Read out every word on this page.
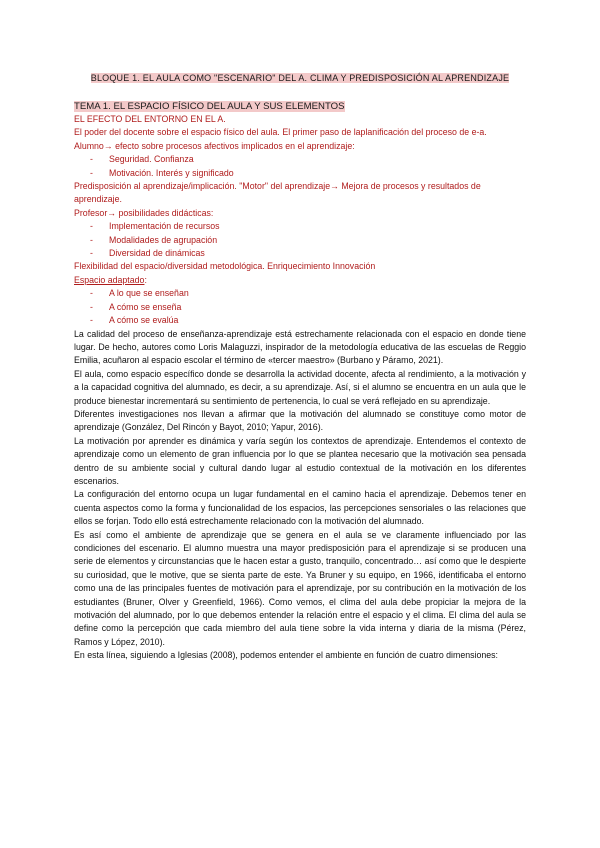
BLOQUE 1. EL AULA COMO "ESCENARIO" DEL A. CLIMA Y PREDISPOSICIÓN AL APRENDIZAJE
TEMA 1. EL ESPACIO FÍSICO DEL AULA Y SUS ELEMENTOS

EL EFECTO DEL ENTORNO EN EL A.

El poder del docente sobre el espacio físico del aula. El primer paso de laplanificación del proceso de e-a.

Alumno→ efecto sobre procesos afectivos implicados en el aprendizaje:

- Seguridad. Confianza
- Motivación. Interés y significado

Predisposición al aprendizaje/implicación. "Motor" del aprendizaje→ Mejora de procesos y resultados de aprendizaje.

Profesor→ posibilidades didácticas:

- Implementación de recursos
- Modalidades de agrupación
- Diversidad de dinámicas

Flexibilidad del espacio/diversidad metodológica. Enriquecimiento Innovación

Espacio adaptado:

- A lo que se enseñan
- A cómo se enseña
- A cómo se evalúa

La calidad del proceso de enseñanza-aprendizaje está estrechamente relacionada con el espacio en donde tiene lugar. De hecho, autores como Loris Malaguzzi, inspirador de la metodología educativa de las escuelas de Reggio Emilia, acuñaron al espacio escolar el término de «tercer maestro» (Burbano y Páramo, 2021).

El aula, como espacio específico donde se desarrolla la actividad docente, afecta al rendimiento, a la motivación y a la capacidad cognitiva del alumnado, es decir, a su aprendizaje. Así, si el alumno se encuentra en un aula que le produce bienestar incrementará su sentimiento de pertenencia, lo cual se verá reflejado en su aprendizaje.

Diferentes investigaciones nos llevan a afirmar que la motivación del alumnado se constituye como motor de aprendizaje (González, Del Rincón y Bayot, 2010; Yapur, 2016).

La motivación por aprender es dinámica y varía según los contextos de aprendizaje. Entendemos el contexto de aprendizaje como un elemento de gran influencia por lo que se plantea necesario que la motivación sea pensada dentro de su ambiente social y cultural dando lugar al estudio contextual de la motivación en los diferentes escenarios.

La configuración del entorno ocupa un lugar fundamental en el camino hacia el aprendizaje. Debemos tener en cuenta aspectos como la forma y funcionalidad de los espacios, las percepciones sensoriales o las relaciones que ellos se forjan. Todo ello está estrechamente relacionado con la motivación del alumnado.

Es así como el ambiente de aprendizaje que se genera en el aula se ve claramente influenciado por las condiciones del escenario. El alumno muestra una mayor predisposición para el aprendizaje si se producen una serie de elementos y circunstancias que le hacen estar a gusto, tranquilo, concentrado… así como que le despierte su curiosidad, que le motive, que se sienta parte de este. Ya Bruner y su equipo, en 1966, identificaba el entorno como una de las principales fuentes de motivación para el aprendizaje, por su contribución en la motivación de los estudiantes (Bruner, Olver y Greenfield, 1966). Como vemos, el clima del aula debe propiciar la mejora de la motivación del alumnado, por lo que debemos entender la relación entre el espacio y el clima. El clima del aula se define como la percepción que cada miembro del aula tiene sobre la vida interna y diaria de la misma (Pérez, Ramos y López, 2010).

En esta línea, siguiendo a Iglesias (2008), podemos entender el ambiente en función de cuatro dimensiones:
